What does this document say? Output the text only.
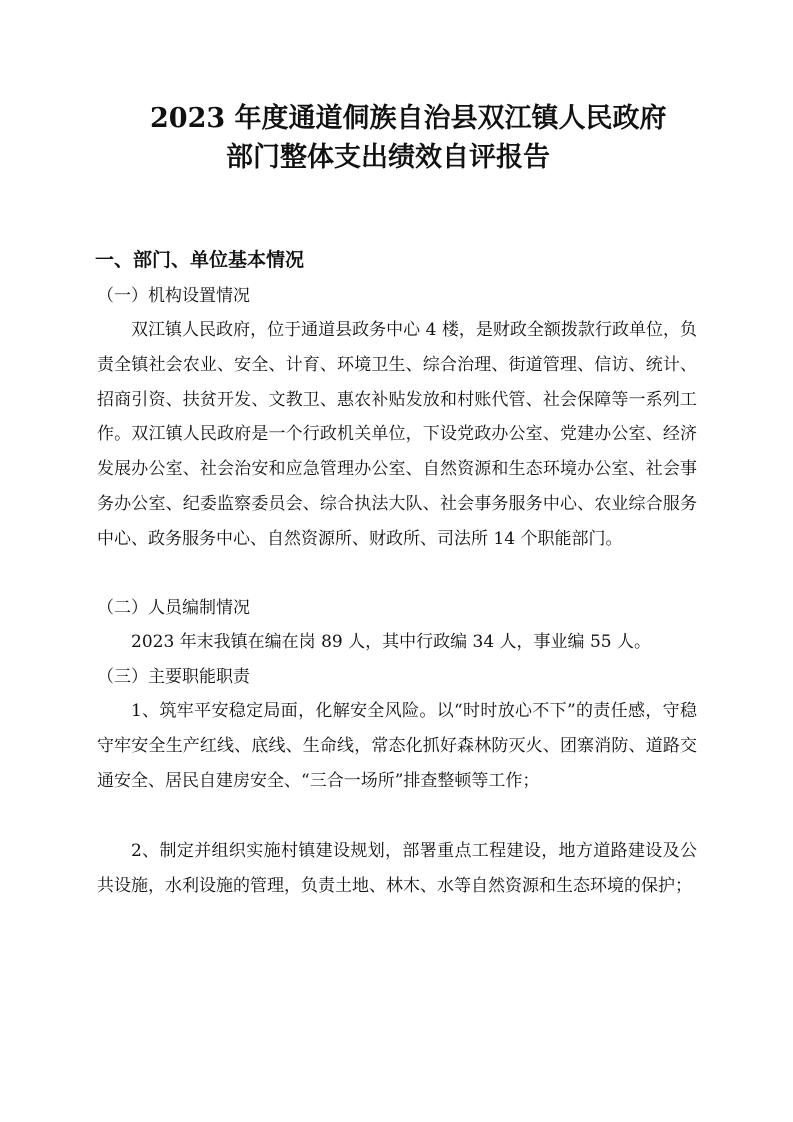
2023 年度通道侗族自治县双江镇人民政府
部门整体支出绩效自评报告
一、部门、单位基本情况
（一）机构设置情况
双江镇人民政府，位于通道县政务中心 4 楼，是财政全额拨款行政单位，负责全镇社会农业、安全、计育、环境卫生、综合治理、街道管理、信访、统计、招商引资、扶贫开发、文教卫、惠农补贴发放和村账代管、社会保障等一系列工作。双江镇人民政府是一个行政机关单位，下设党政办公室、党建办公室、经济发展办公室、社会治安和应急管理办公室、自然资源和生态环境办公室、社会事务办公室、纪委监察委员会、综合执法大队、社会事务服务中心、农业综合服务中心、政务服务中心、自然资源所、财政所、司法所 14 个职能部门。
（二）人员编制情况
2023 年末我镇在编在岗 89 人，其中行政编 34 人，事业编 55 人。
（三）主要职能职责
1、筑牢平安稳定局面，化解安全风险。以“时时放心不下”的责任感，守稳守牢安全生产红线、底线、生命线，常态化抓好森林防灭火、团寨消防、道路交通安全、居民自建房安全、“三合一场所”排查整顿等工作；
2、制定并组织实施村镇建设规划，部署重点工程建设，地方道路建设及公共设施，水利设施的管理，负责土地、林木、水等自然资源和生态环境的保护；
